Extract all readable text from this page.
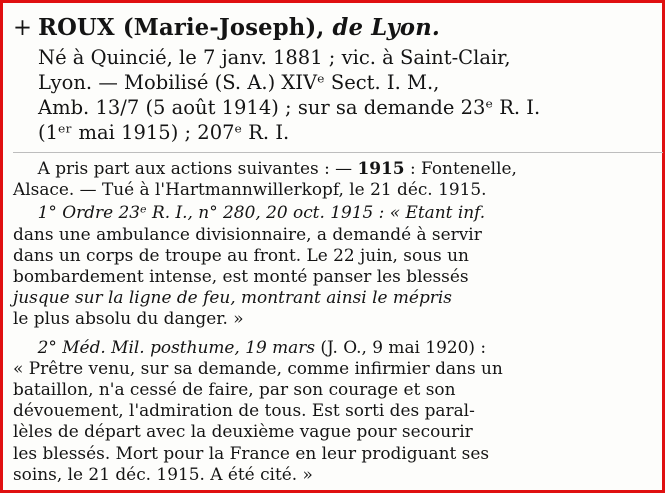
+ ROUX (Marie-Joseph), de Lyon.
Né à Quincié, le 7 janv. 1881 ; vic. à Saint-Clair,
Lyon. — Mobilisé (S. A.) XIVᵉ Sect. I. M.,
Amb. 13/7 (5 août 1914) ; sur sa demande 23ᵉ R. I.
(1ᵉʳ mai 1915) ; 207ᵉ R. I.
A pris part aux actions suivantes : — 1915 : Fontenelle,
Alsace. — Tué à l'Hartmannwillerkopf, le 21 déc. 1915.
1° Ordre 23ᵉ R. I., n° 280, 20 oct. 1915 : « Etant inf.
dans une ambulance divisionnaire, a demandé à servir
dans un corps de troupe au front. Le 22 juin, sous un
bombardement intense, est monté panser les blessés
jusque sur la ligne de feu, montrant ainsi le mépris
le plus absolu du danger. »
2° Méd. Mil. posthume, 19 mars (J. O., 9 mai 1920) :
« Prêtre venu, sur sa demande, comme infirmier dans un
bataillon, n'a cessé de faire, par son courage et son
dévouement, l'admiration de tous. Est sorti des paral-
lèles de départ avec la deuxième vague pour secourir
les blessés. Mort pour la France en leur prodiguant ses
soins, le 21 déc. 1915. A été cité. »
